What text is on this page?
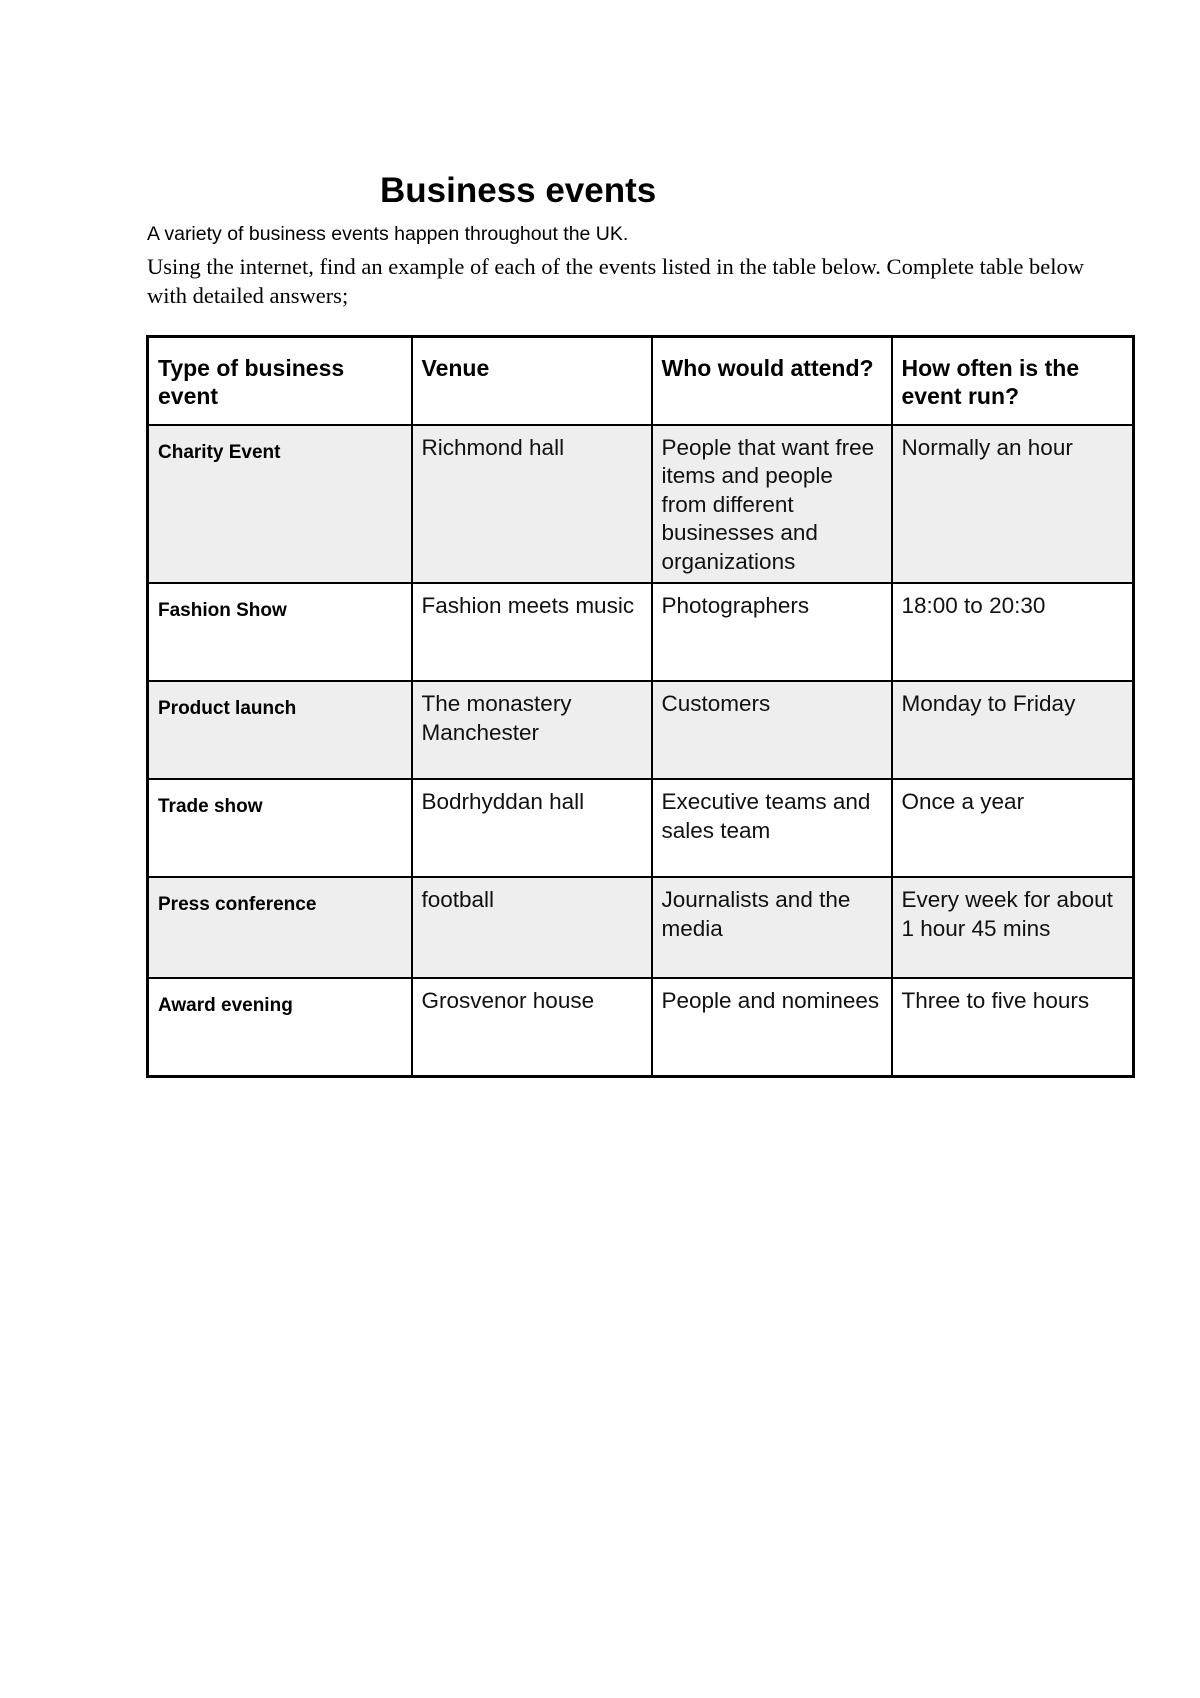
Business events

A variety of business events happen throughout the UK.

Using the internet, find an example of each of the events listed in the table below. Complete table below with detailed answers;

Type of business event	Venue	Who would attend?	How often is the event run?
Charity Event	Richmond hall	People that want free items and people from different businesses and organizations	Normally an hour
Fashion Show	Fashion meets music	Photographers	18:00 to 20:30
Product launch	The monastery Manchester	Customers	Monday to Friday
Trade show	Bodrhyddan hall	Executive teams and sales team	Once a year
Press conference	football	Journalists and the media	Every week for about 1 hour 45 mins
Award evening	Grosvenor house	People and nominees	Three to five hours
